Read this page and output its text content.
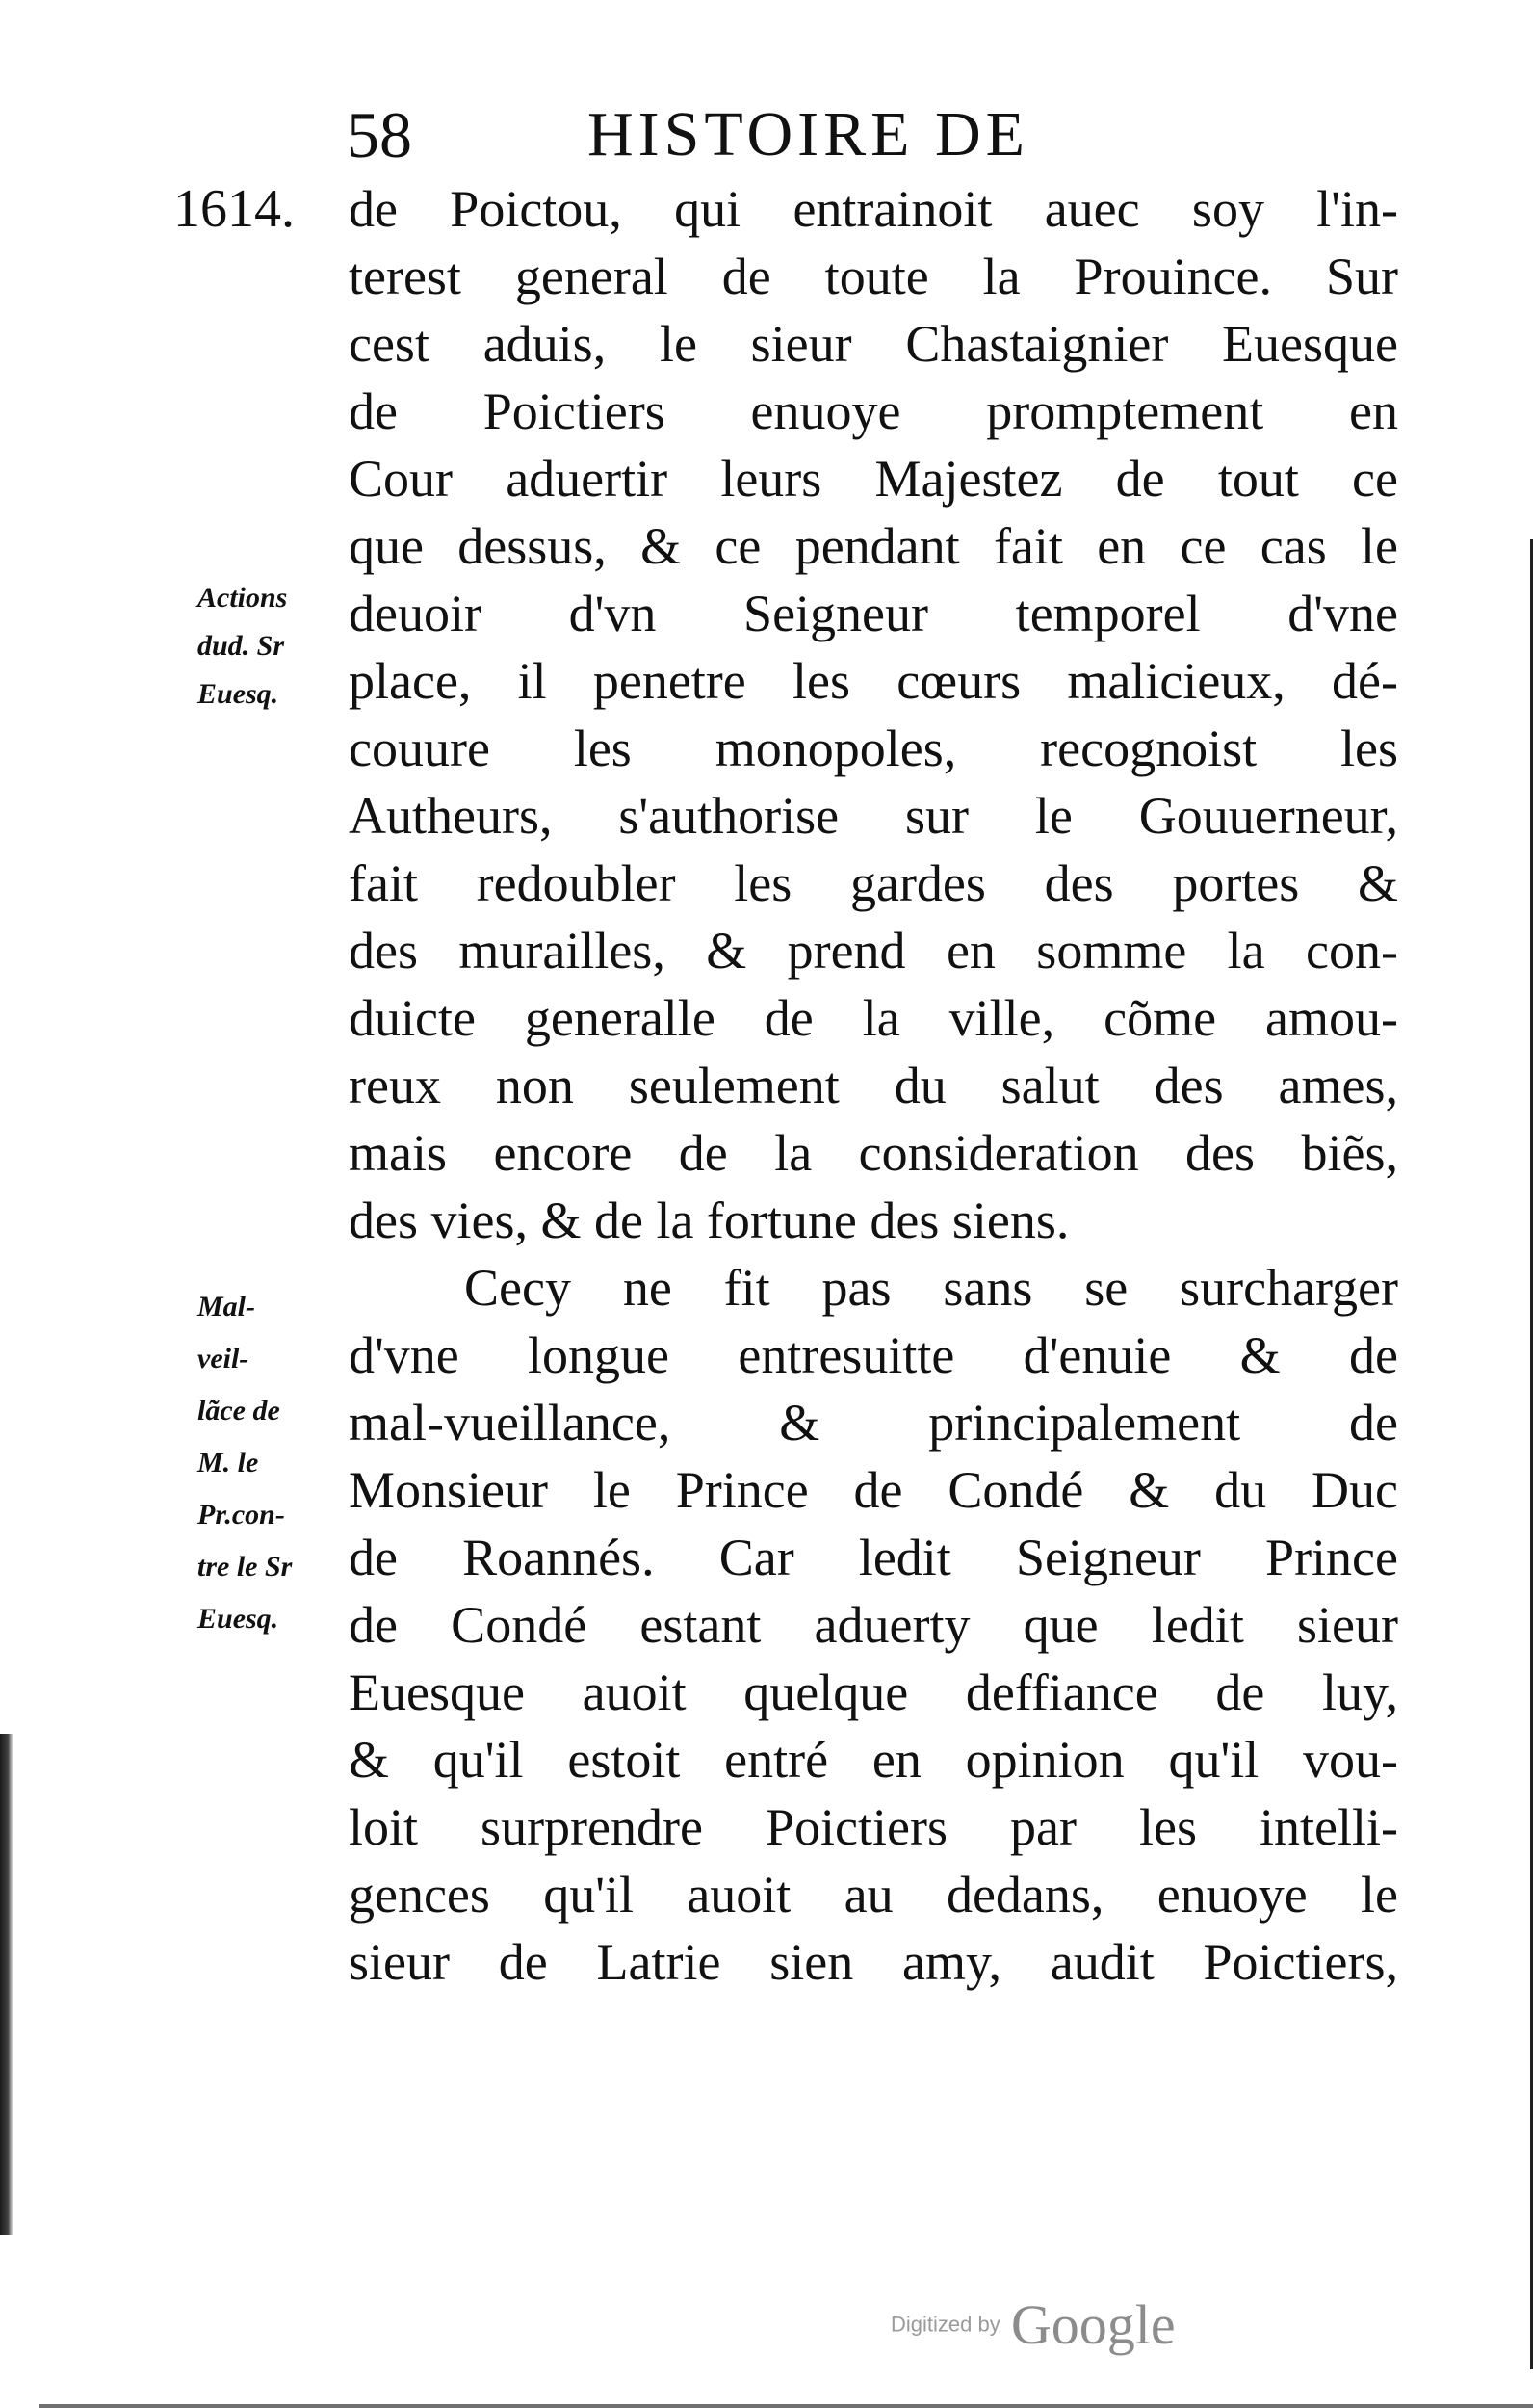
58	HISTOIRE DE
1614.
Actions
dud. Sr
Euesq.
Mal-
veil-
lãce de
M. le
Pr.con-
tre le Sr
Euesq.
de Poictou, qui entrainoit auec soy l'in-
terest general de toute la Prouince. Sur
cest aduis, le sieur Chastaignier Euesque
de Poictiers enuoye promptement en
Cour aduertir leurs Majestez de tout ce
que dessus, & ce pendant fait en ce cas le
deuoir d'vn Seigneur temporel d'vne
place, il penetre les cœurs malicieux, dé-
couure les monopoles, recognoist les
Autheurs, s'authorise sur le Gouuerneur,
fait redoubler les gardes des portes &
des murailles, & prend en somme la con-
duicte generalle de la ville, cõme amou-
reux non seulement du salut des ames,
mais encore de la consideration des biẽs,
des vies, & de la fortune des siens.
Cecy ne fit pas sans se surcharger
d'vne longue entresuitte d'enuie & de
mal-vueillance, & principalement de
Monsieur le Prince de Condé & du Duc
de Roannés. Car ledit Seigneur Prince
de Condé estant aduerty que ledit sieur
Euesque auoit quelque deffiance de luy,
& qu'il estoit entré en opinion qu'il vou-
loit surprendre Poictiers par les intelli-
gences qu'il auoit au dedans, enuoye le
sieur de Latrie sien amy, audit Poictiers,
Digitized by Google
